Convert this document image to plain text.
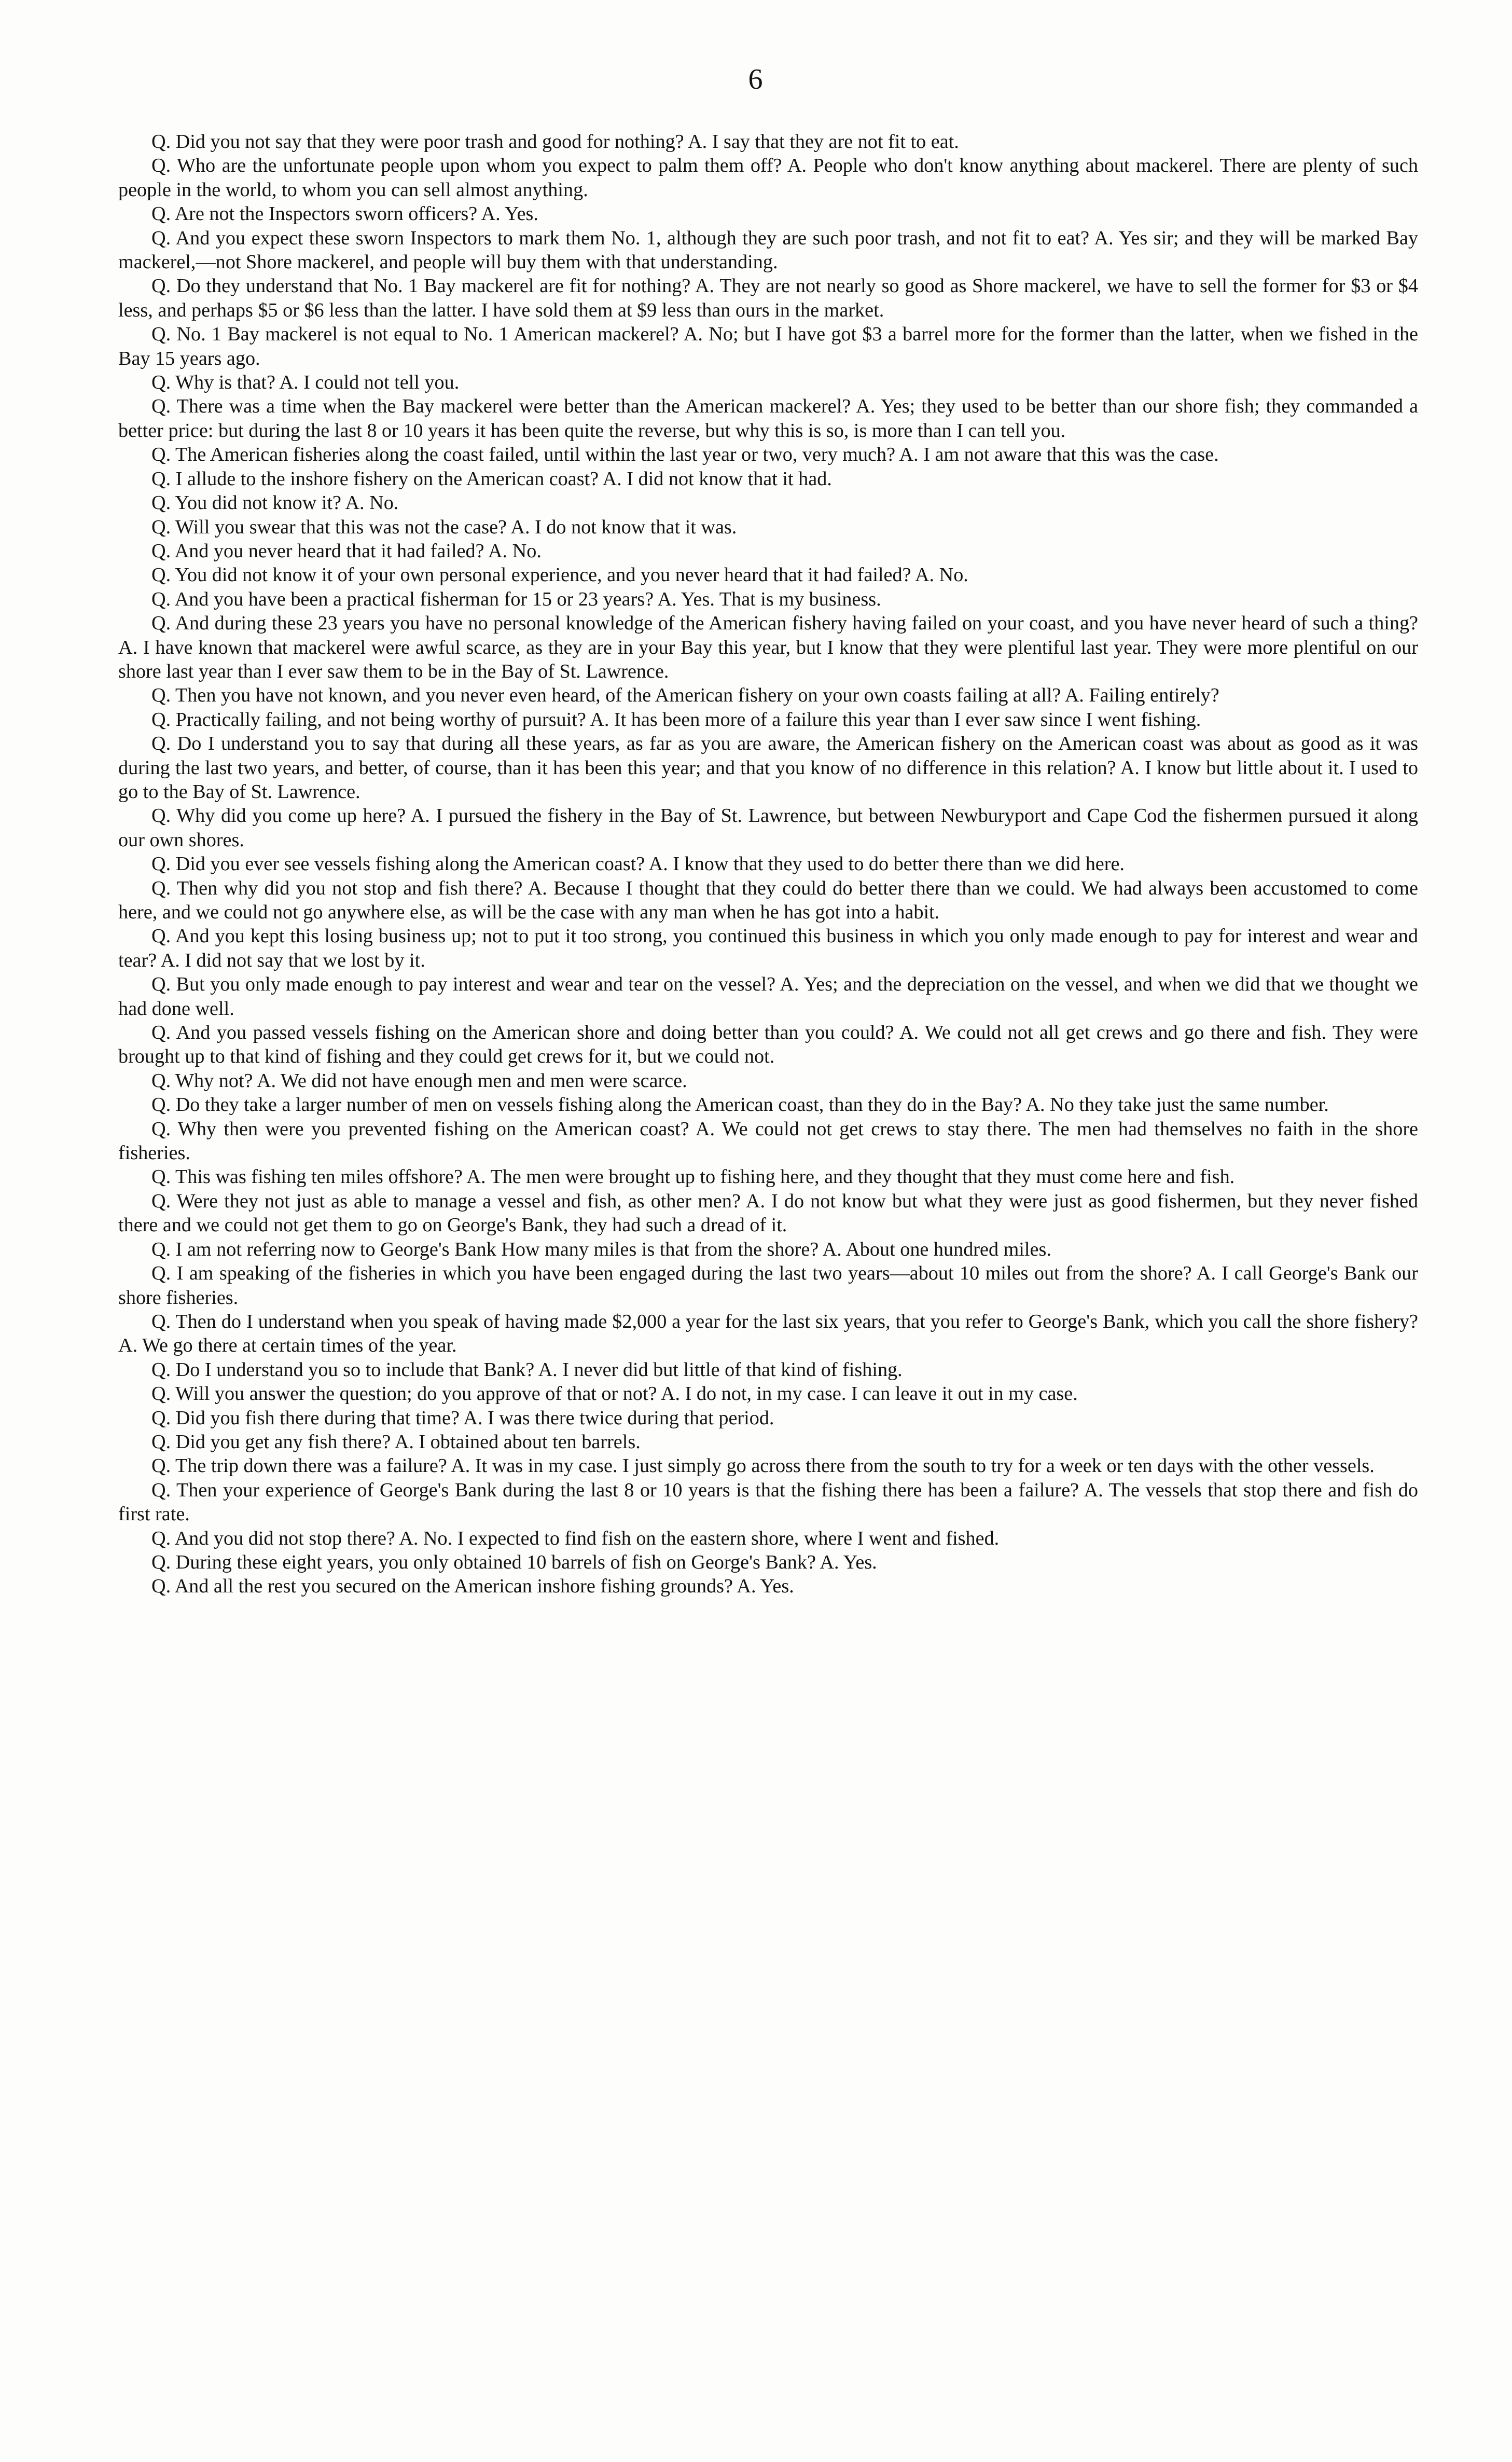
6

Q. Did you not say that they were poor trash and good for nothing? A. I say that they are not fit to eat.

Q. Who are the unfortunate people upon whom you expect to palm them off? A. People who don't know anything about mackerel. There are plenty of such people in the world, to whom you can sell almost anything.

Q. Are not the Inspectors sworn officers? A. Yes.

Q. And you expect these sworn Inspectors to mark them No. 1, although they are such poor trash, and not fit to eat? A. Yes sir; and they will be marked Bay mackerel,—not Shore mackerel, and people will buy them with that understanding.

Q. Do they understand that No. 1 Bay mackerel are fit for nothing? A. They are not nearly so good as Shore mackerel, we have to sell the former for $3 or $4 less, and perhaps $5 or $6 less than the latter. I have sold them at $9 less than ours in the market.

Q. No. 1 Bay mackerel is not equal to No. 1 American mackerel? A. No; but I have got $3 a barrel more for the former than the latter, when we fished in the Bay 15 years ago.

Q. Why is that? A. I could not tell you.

Q. There was a time when the Bay mackerel were better than the American mackerel? A. Yes; they used to be better than our shore fish; they commanded a better price: but during the last 8 or 10 years it has been quite the reverse, but why this is so, is more than I can tell you.

Q. The American fisheries along the coast failed, until within the last year or two, very much? A. I am not aware that this was the case.

Q. I allude to the inshore fishery on the American coast? A. I did not know that it had.

Q. You did not know it? A. No.

Q. Will you swear that this was not the case? A. I do not know that it was.

Q. And you never heard that it had failed? A. No.

Q. You did not know it of your own personal experience, and you never heard that it had failed? A. No.

Q. And you have been a practical fisherman for 15 or 23 years? A. Yes. That is my business.

Q. And during these 23 years you have no personal knowledge of the American fishery having failed on your coast, and you have never heard of such a thing? A. I have known that mackerel were awful scarce, as they are in your Bay this year, but I know that they were plentiful last year. They were more plentiful on our shore last year than I ever saw them to be in the Bay of St. Lawrence.

Q. Then you have not known, and you never even heard, of the American fishery on your own coasts failing at all? A. Failing entirely?

Q. Practically failing, and not being worthy of pursuit? A. It has been more of a failure this year than I ever saw since I went fishing.

Q. Do I understand you to say that during all these years, as far as you are aware, the American fishery on the American coast was about as good as it was during the last two years, and better, of course, than it has been this year; and that you know of no difference in this relation? A. I know but little about it. I used to go to the Bay of St. Lawrence.

Q. Why did you come up here? A. I pursued the fishery in the Bay of St. Lawrence, but between Newburyport and Cape Cod the fishermen pursued it along our own shores.

Q. Did you ever see vessels fishing along the American coast? A. I know that they used to do better there than we did here.

Q. Then why did you not stop and fish there? A. Because I thought that they could do better there than we could. We had always been accustomed to come here, and we could not go anywhere else, as will be the case with any man when he has got into a habit.

Q. And you kept this losing business up; not to put it too strong, you continued this business in which you only made enough to pay for interest and wear and tear? A. I did not say that we lost by it.

Q. But you only made enough to pay interest and wear and tear on the vessel? A. Yes; and the depreciation on the vessel, and when we did that we thought we had done well.

Q. And you passed vessels fishing on the American shore and doing better than you could? A. We could not all get crews and go there and fish. They were brought up to that kind of fishing and they could get crews for it, but we could not.

Q. Why not? A. We did not have enough men and men were scarce.

Q. Do they take a larger number of men on vessels fishing along the American coast, than they do in the Bay? A. No they take just the same number.

Q. Why then were you prevented fishing on the American coast? A. We could not get crews to stay there. The men had themselves no faith in the shore fisheries.

Q. This was fishing ten miles offshore? A. The men were brought up to fishing here, and they thought that they must come here and fish.

Q. Were they not just as able to manage a vessel and fish, as other men? A. I do not know but what they were just as good fishermen, but they never fished there and we could not get them to go on George's Bank, they had such a dread of it.

Q. I am not referring now to George's Bank How many miles is that from the shore? A. About one hundred miles.

Q. I am speaking of the fisheries in which you have been engaged during the last two years—about 10 miles out from the shore? A. I call George's Bank our shore fisheries.

Q. Then do I understand when you speak of having made $2,000 a year for the last six years, that you refer to George's Bank, which you call the shore fishery? A. We go there at certain times of the year.

Q. Do I understand you so to include that Bank? A. I never did but little of that kind of fishing.

Q. Will you answer the question; do you approve of that or not? A. I do not, in my case. I can leave it out in my case.

Q. Did you fish there during that time? A. I was there twice during that period.

Q. Did you get any fish there? A. I obtained about ten barrels.

Q. The trip down there was a failure? A. It was in my case. I just simply go across there from the south to try for a week or ten days with the other vessels.

Q. Then your experience of George's Bank during the last 8 or 10 years is that the fishing there has been a failure? A. The vessels that stop there and fish do first rate.

Q. And you did not stop there? A. No. I expected to find fish on the eastern shore, where I went and fished.

Q. During these eight years, you only obtained 10 barrels of fish on George's Bank? A. Yes.

Q. And all the rest you secured on the American inshore fishing grounds? A. Yes.
